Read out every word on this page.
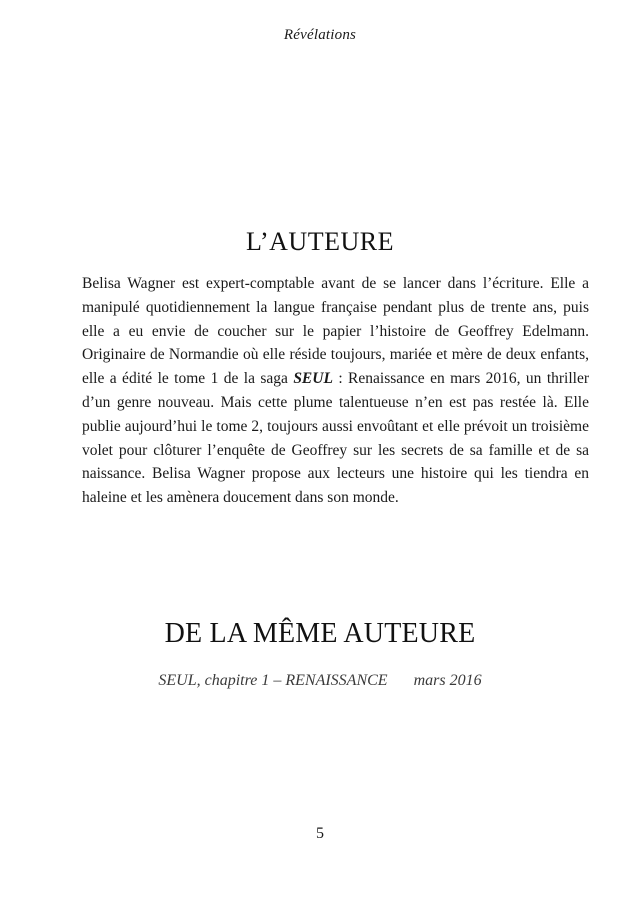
Révélations
L’AUTEURE

Belisa Wagner est expert-comptable avant de se lancer dans l’écriture. Elle a manipulé quotidiennement la langue française pendant plus de trente ans, puis elle a eu envie de coucher sur le papier l’histoire de Geoffrey Edelmann. Originaire de Normandie où elle réside toujours, mariée et mère de deux enfants, elle a édité le tome 1 de la saga SEUL : Renaissance en mars 2016, un thriller d’un genre nouveau. Mais cette plume talentueuse n’en est pas restée là. Elle publie aujourd’hui le tome 2, toujours aussi envoûtant et elle prévoit un troisième volet pour clôturer l’enquête de Geoffrey sur les secrets de sa famille et de sa naissance. Belisa Wagner propose aux lecteurs une histoire qui les tiendra en haleine et les amènera doucement dans son monde.

DE LA MÊME AUTEURE
SEUL, chapitre 1 – RENAISSANCE mars 2016
5
